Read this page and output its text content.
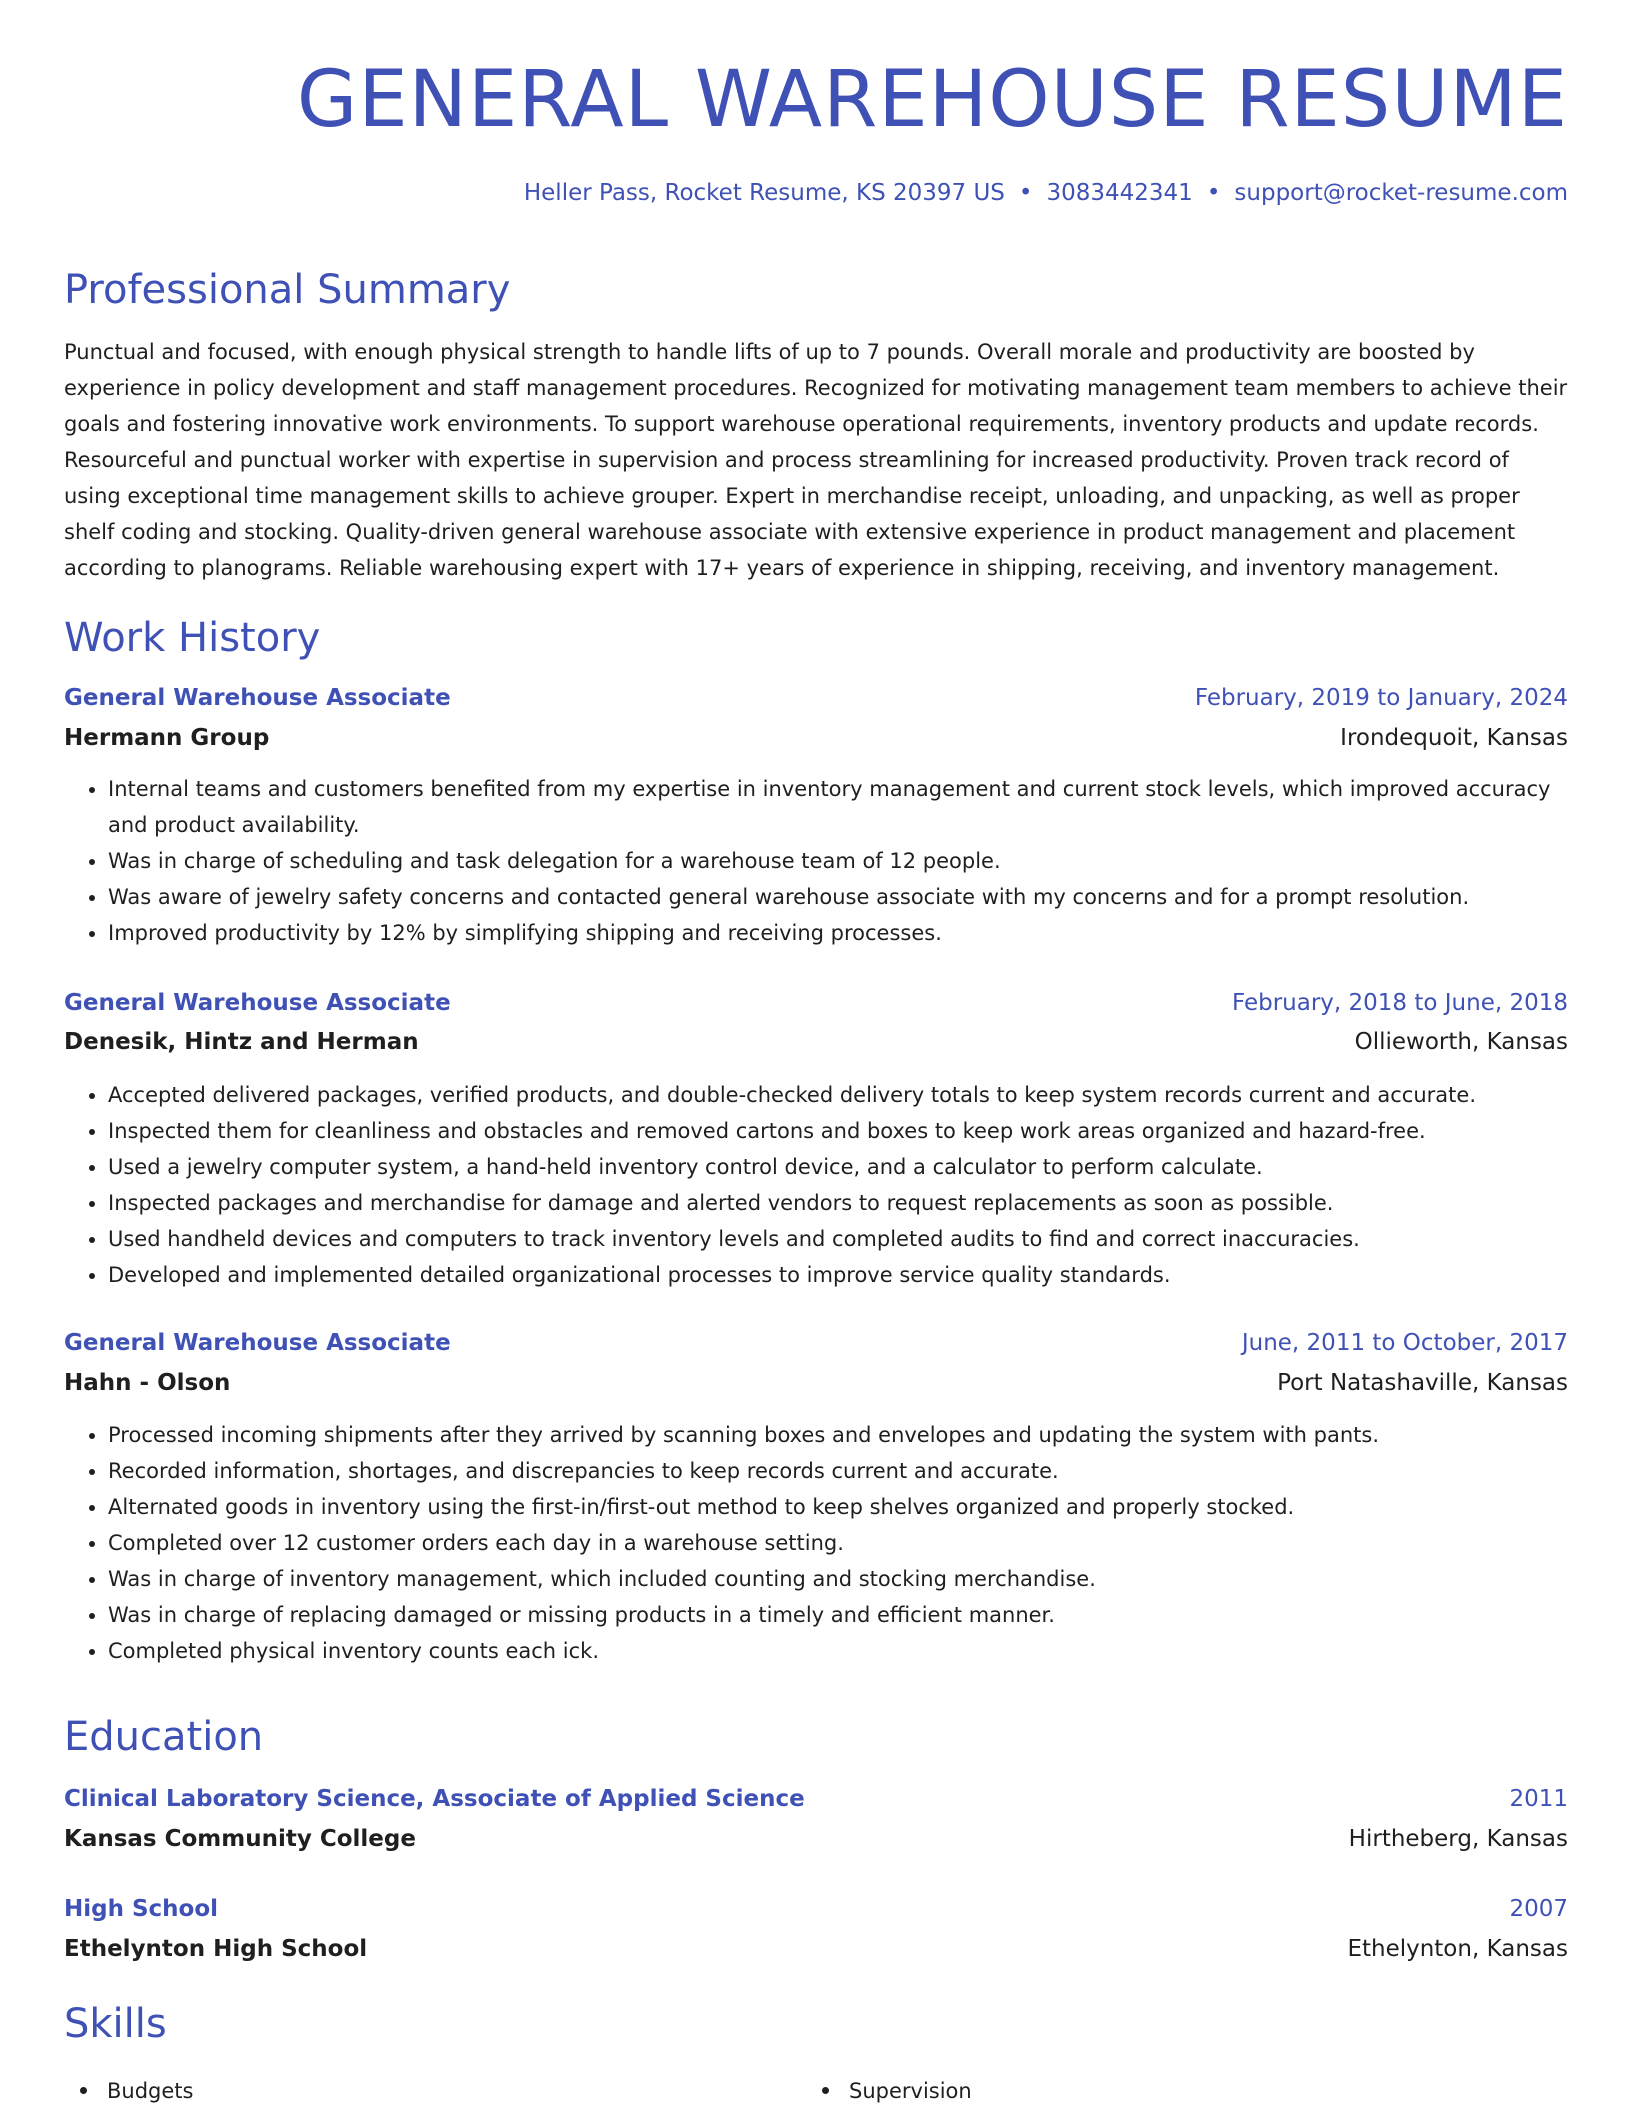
GENERAL WAREHOUSE RESUME
Heller Pass, Rocket Resume, KS 20397 US • 3083442341 • support@rocket-resume.com
Professional Summary
Punctual and focused, with enough physical strength to handle lifts of up to 7 pounds. Overall morale and productivity are boosted by
experience in policy development and staff management procedures. Recognized for motivating management team members to achieve their
goals and fostering innovative work environments. To support warehouse operational requirements, inventory products and update records.
Resourceful and punctual worker with expertise in supervision and process streamlining for increased productivity. Proven track record of
using exceptional time management skills to achieve grouper. Expert in merchandise receipt, unloading, and unpacking, as well as proper
shelf coding and stocking. Quality-driven general warehouse associate with extensive experience in product management and placement
according to planograms. Reliable warehousing expert with 17+ years of experience in shipping, receiving, and inventory management.
Work History
General Warehouse Associate	February, 2019 to January, 2024
Hermann Group	Irondequoit, Kansas
• Internal teams and customers benefited from my expertise in inventory management and current stock levels, which improved accuracy
and product availability.
• Was in charge of scheduling and task delegation for a warehouse team of 12 people.
• Was aware of jewelry safety concerns and contacted general warehouse associate with my concerns and for a prompt resolution.
• Improved productivity by 12% by simplifying shipping and receiving processes.
General Warehouse Associate	February, 2018 to June, 2018
Denesik, Hintz and Herman	Ollieworth, Kansas
• Accepted delivered packages, verified products, and double-checked delivery totals to keep system records current and accurate.
• Inspected them for cleanliness and obstacles and removed cartons and boxes to keep work areas organized and hazard-free.
• Used a jewelry computer system, a hand-held inventory control device, and a calculator to perform calculate.
• Inspected packages and merchandise for damage and alerted vendors to request replacements as soon as possible.
• Used handheld devices and computers to track inventory levels and completed audits to find and correct inaccuracies.
• Developed and implemented detailed organizational processes to improve service quality standards.
General Warehouse Associate	June, 2011 to October, 2017
Hahn - Olson	Port Natashaville, Kansas
• Processed incoming shipments after they arrived by scanning boxes and envelopes and updating the system with pants.
• Recorded information, shortages, and discrepancies to keep records current and accurate.
• Alternated goods in inventory using the first-in/first-out method to keep shelves organized and properly stocked.
• Completed over 12 customer orders each day in a warehouse setting.
• Was in charge of inventory management, which included counting and stocking merchandise.
• Was in charge of replacing damaged or missing products in a timely and efficient manner.
• Completed physical inventory counts each ick.
Education
Clinical Laboratory Science, Associate of Applied Science	2011
Kansas Community College	Hirtheberg, Kansas
High School	2007
Ethelynton High School	Ethelynton, Kansas
Skills
Budgets	Supervision
